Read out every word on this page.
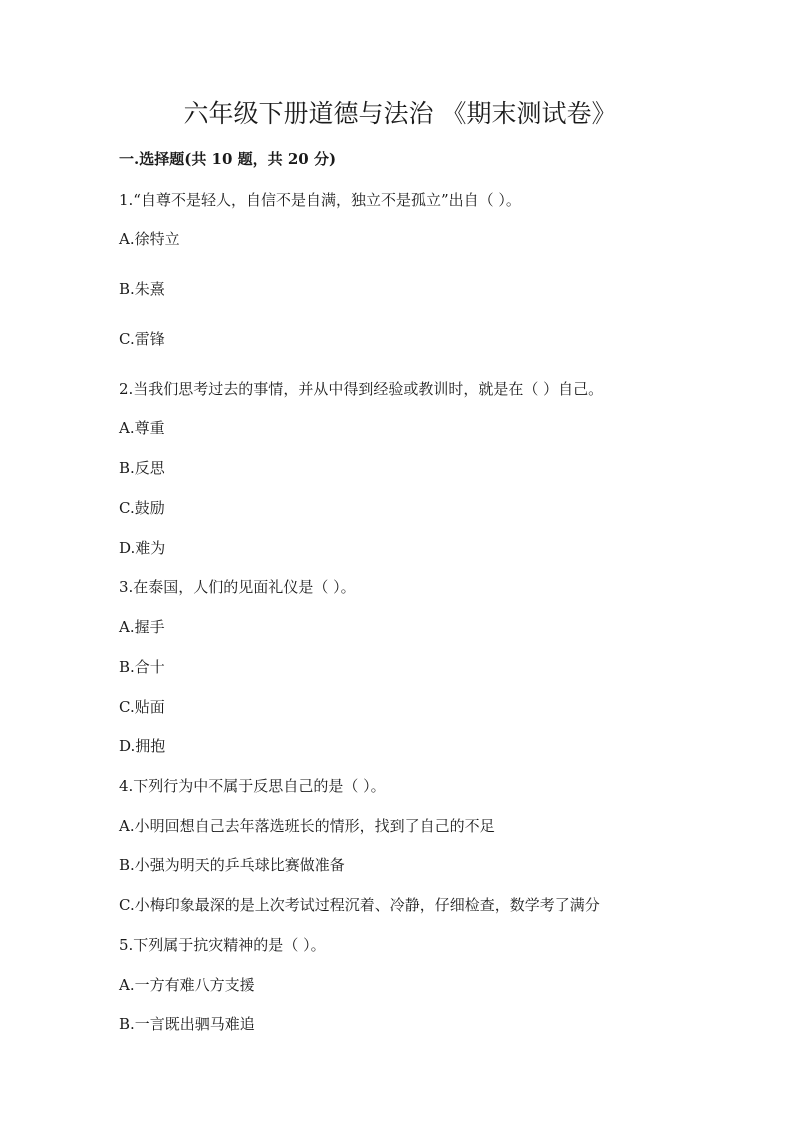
六年级下册道德与法治 《期末测试卷》
一.选择题(共 10 题，共 20 分)
1.“自尊不是轻人，自信不是自满，独立不是孤立”出自（ ）。
A.徐特立
B.朱熹
C.雷锋
2.当我们思考过去的事情，并从中得到经验或教训时，就是在（ ）自己。
A.尊重
B.反思
C.鼓励
D.难为
3.在泰国，人们的见面礼仪是（ ）。
A.握手
B.合十
C.贴面
D.拥抱
4.下列行为中不属于反思自己的是（ ）。
A.小明回想自己去年落选班长的情形，找到了自己的不足
B.小强为明天的乒乓球比赛做准备
C.小梅印象最深的是上次考试过程沉着、冷静，仔细检查，数学考了满分
5.下列属于抗灾精神的是（ ）。
A.一方有难八方支援
B.一言既出驷马难追
